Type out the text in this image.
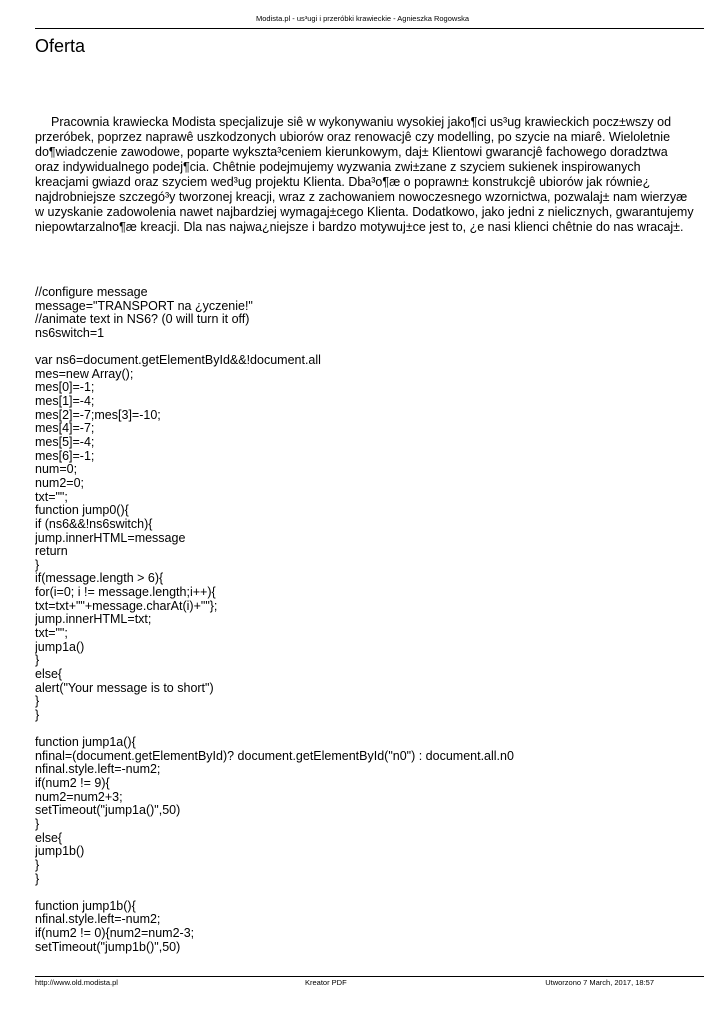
Modista.pl - us³ugi i przeróbki krawieckie - Agnieszka Rogowska
Oferta

Pracownia krawiecka Modista specjalizuje siê w wykonywaniu wysokiej jako¶ci us³ug krawieckich pocz±wszy od przeróbek, poprzez naprawê uszkodzonych ubiorów oraz renowacjê czy modelling, po szycie na miarê. Wieloletnie do¶wiadczenie zawodowe, poparte wykszta³ceniem kierunkowym, daj± Klientowi gwarancjê fachowego doradztwa oraz indywidualnego podej¶cia. Chêtnie podejmujemy wyzwania zwi±zane z szyciem sukienek inspirowanych kreacjami gwiazd oraz szyciem wed³ug projektu Klienta. Dba³o¶æ o poprawn± konstrukcjê ubiorów jak równie¿ najdrobniejsze szczegó³y tworzonej kreacji, wraz z zachowaniem nowoczesnego wzornictwa, pozwalaj± nam wierzyæ w uzyskanie zadowolenia nawet najbardziej wymagaj±cego Klienta. Dodatkowo, jako jedni z nielicznych, gwarantujemy niepowtarzalno¶æ kreacji. Dla nas najwa¿niejsze i bardzo motywuj±ce jest to, ¿e nasi klienci chêtnie do nas wracaj±.

//configure message
message="TRANSPORT na ¿yczenie!"
//animate text in NS6? (0 will turn it off)
ns6switch=1
var ns6=document.getElementById&&!document.all
mes=new Array();
mes[0]=-1;
mes[1]=-4;
mes[2]=-7;mes[3]=-10;
mes[4]=-7;
mes[5]=-4;
mes[6]=-1;
num=0;
num2=0;
txt="";
function jump0(){
if (ns6&&!ns6switch){
jump.innerHTML=message
return
}
if(message.length > 6){
for(i=0; i != message.length;i++){
txt=txt+""+message.charAt(i)+""};
jump.innerHTML=txt;
txt="";
jump1a()
}
else{
alert("Your message is to short")
}
}
function jump1a(){
nfinal=(document.getElementById)? document.getElementById("n0") : document.all.n0
nfinal.style.left=-num2;
if(num2 != 9){
num2=num2+3;
setTimeout("jump1a()",50)
}
else{
jump1b()
}
}
function jump1b(){
nfinal.style.left=-num2;
if(num2 != 0){num2=num2-3;
setTimeout("jump1b()",50)
http://www.old.modista.pl	Kreator PDF	Utworzono 7 March, 2017, 18:57
